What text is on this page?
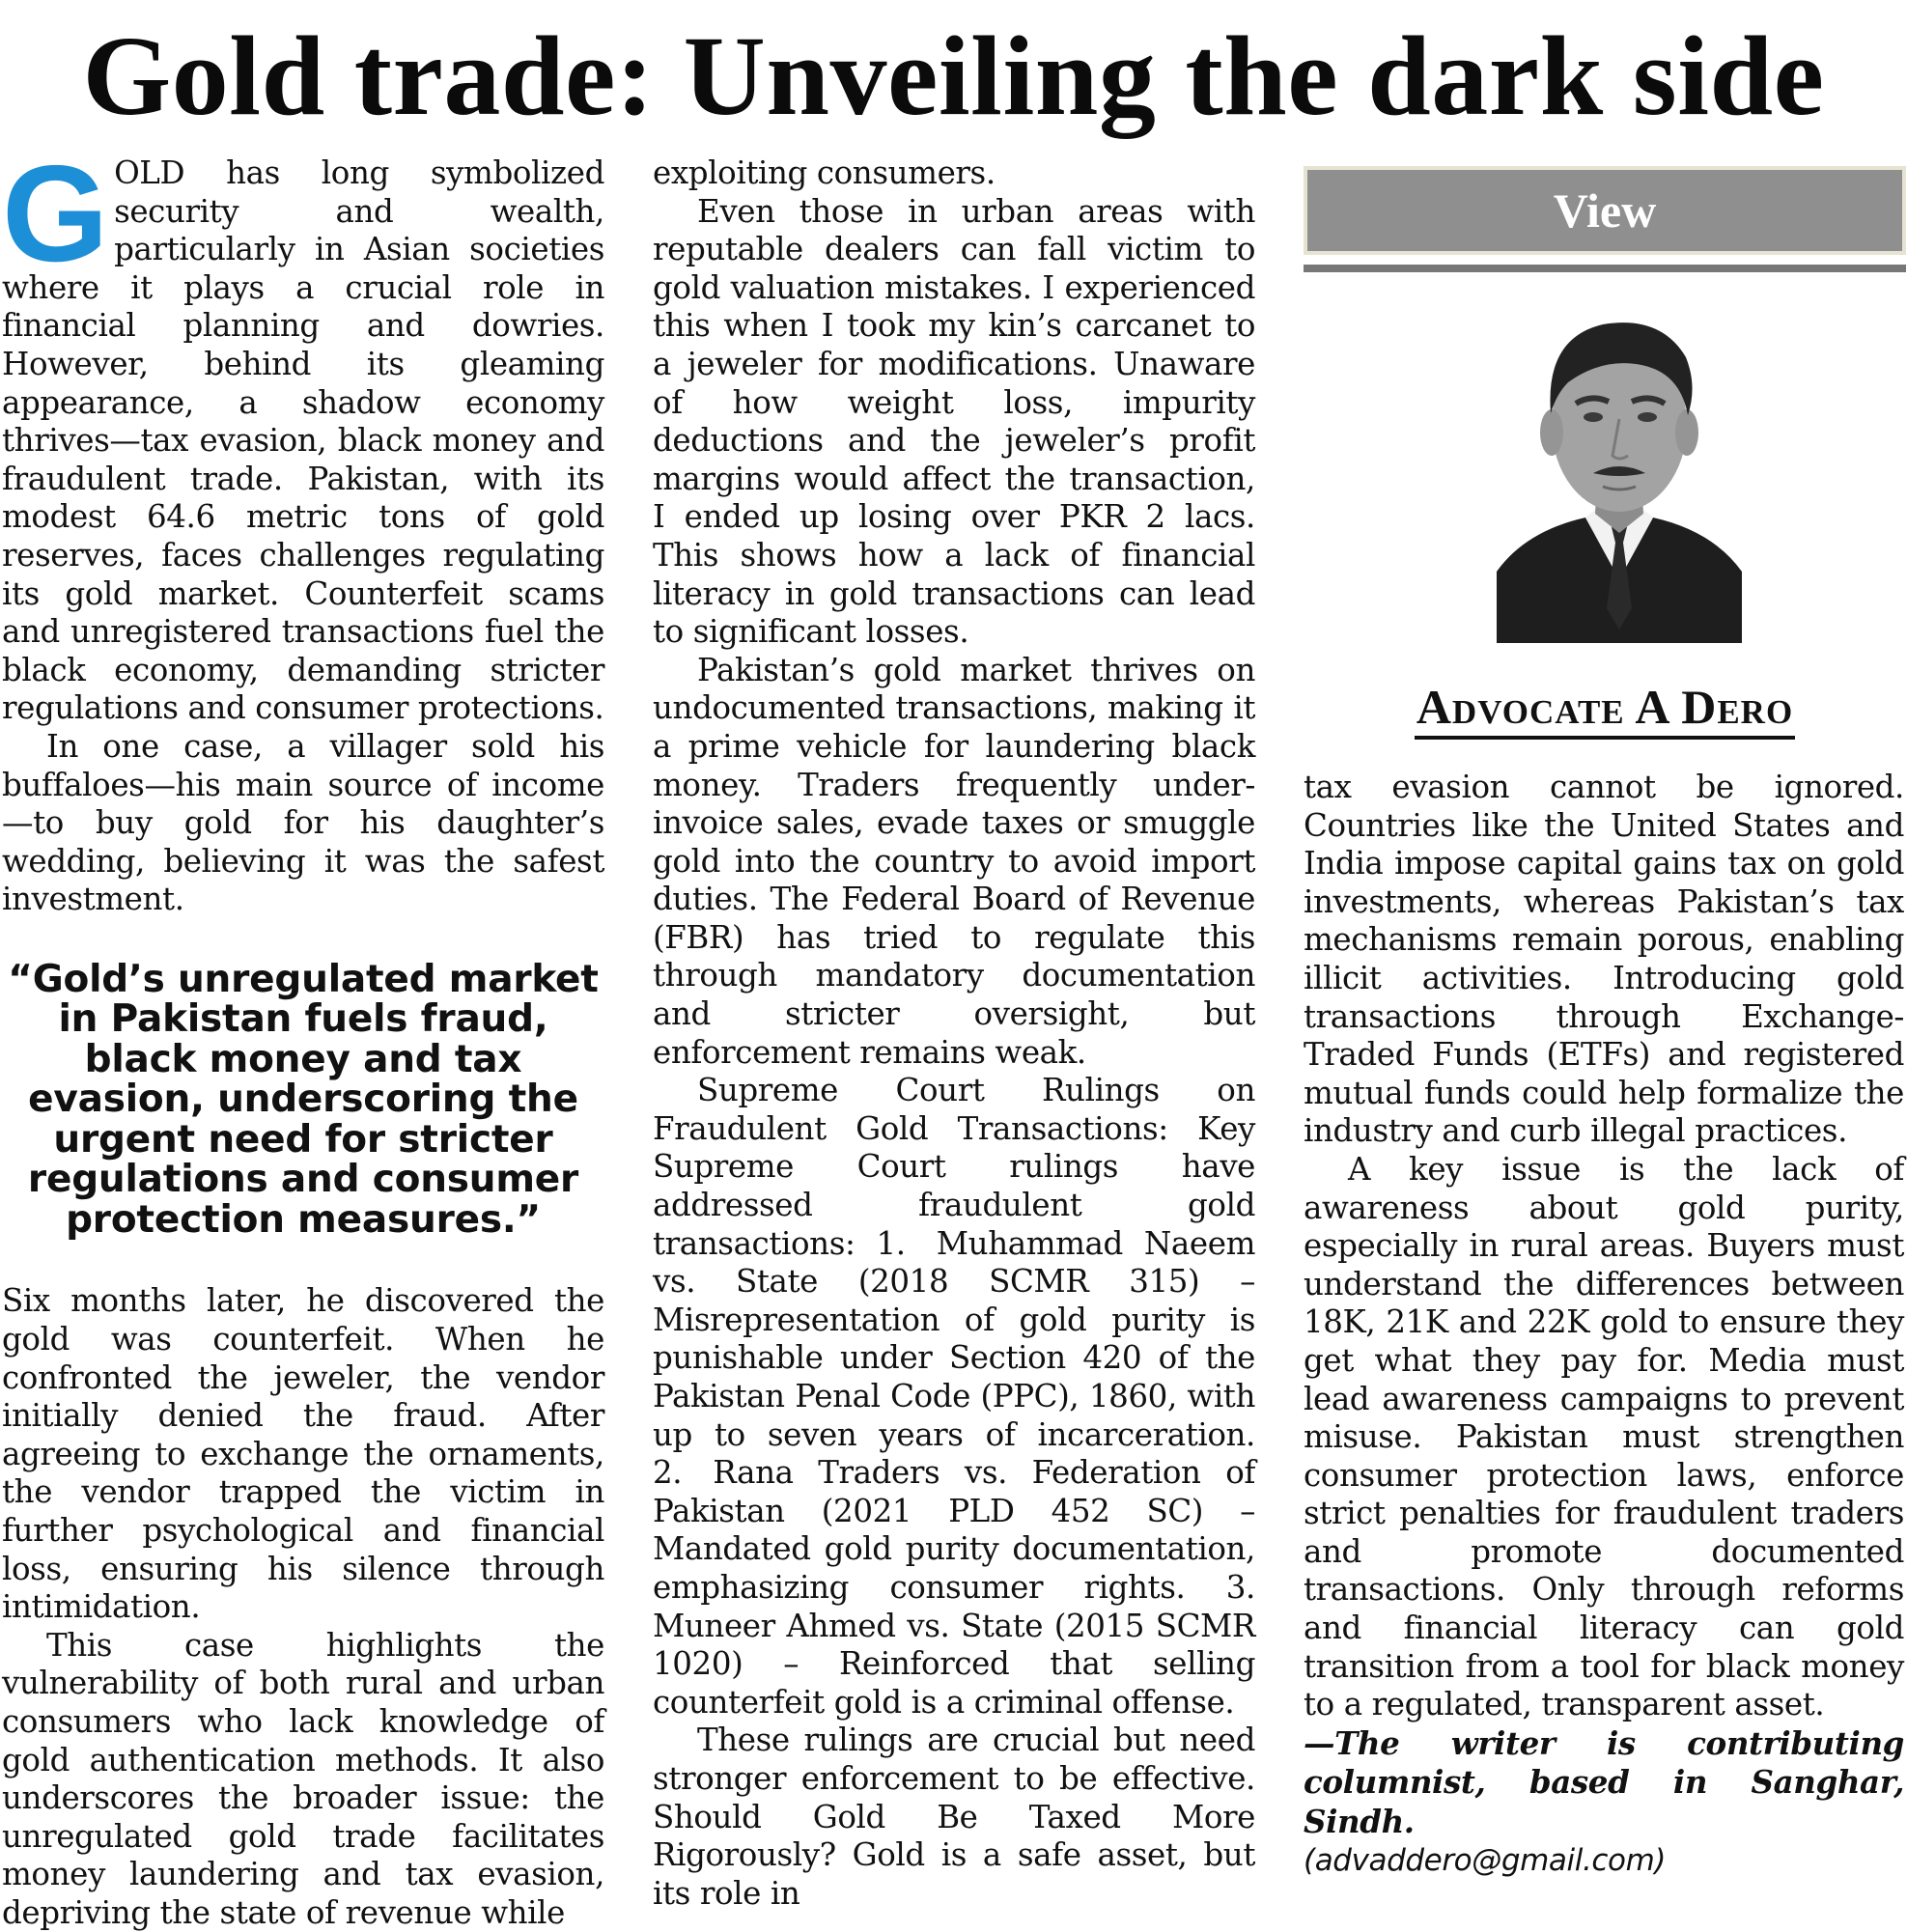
Gold trade: Unveiling the dark side

GOLD has long symbolized security and wealth, particularly in Asian societies where it plays a crucial role in financial planning and dowries. However, behind its gleaming appearance, a shadow economy thrives—tax evasion, black money and fraudulent trade. Pakistan, with its modest 64.6 metric tons of gold reserves, faces challenges regulating its gold market. Counterfeit scams and unregistered transactions fuel the black economy, demanding stricter regulations and consumer protections.

In one case, a villager sold his buffaloes—his main source of income—to buy gold for his daughter’s wedding, believing it was the safest investment.

“Gold’s unregulated market in Pakistan fuels fraud, black money and tax evasion, underscoring the urgent need for stricter regulations and consumer protection measures.”

Six months later, he discovered the gold was counterfeit. When he confronted the jeweler, the vendor initially denied the fraud. After agreeing to exchange the ornaments, the vendor trapped the victim in further psychological and financial loss, ensuring his silence through intimidation.

This case highlights the vulnerability of both rural and urban consumers who lack knowledge of gold authentication methods. It also underscores the broader issue: the unregulated gold trade facilitates money laundering and tax evasion, depriving the state of revenue while

exploiting consumers.

Even those in urban areas with reputable dealers can fall victim to gold valuation mistakes. I experienced this when I took my kin’s carcanet to a jeweler for modifications. Unaware of how weight loss, impurity deductions and the jeweler’s profit margins would affect the transaction, I ended up losing over PKR 2 lacs. This shows how a lack of financial literacy in gold transactions can lead to significant losses.

Pakistan’s gold market thrives on undocumented transactions, making it a prime vehicle for laundering black money. Traders frequently under-invoice sales, evade taxes or smuggle gold into the country to avoid import duties. The Federal Board of Revenue (FBR) has tried to regulate this through mandatory documentation and stricter oversight, but enforcement remains weak.

Supreme Court Rulings on Fraudulent Gold Transactions: Key Supreme Court rulings have addressed fraudulent gold transactions: 1. Muhammad Naeem vs. State (2018 SCMR 315) – Misrepresentation of gold purity is punishable under Section 420 of the Pakistan Penal Code (PPC), 1860, with up to seven years of incarceration. 2. Rana Traders vs. Federation of Pakistan (2021 PLD 452 SC) – Mandated gold purity documentation, emphasizing consumer rights. 3. Muneer Ahmed vs. State (2015 SCMR 1020) – Reinforced that selling counterfeit gold is a criminal offense.

These rulings are crucial but need stronger enforcement to be effective. Should Gold Be Taxed More Rigorously? Gold is a safe asset, but its role in

View
Advocate A Dero

tax evasion cannot be ignored. Countries like the United States and India impose capital gains tax on gold investments, whereas Pakistan’s tax mechanisms remain porous, enabling illicit activities. Introducing gold transactions through Exchange-Traded Funds (ETFs) and registered mutual funds could help formalize the industry and curb illegal practices.

A key issue is the lack of awareness about gold purity, especially in rural areas. Buyers must understand the differences between 18K, 21K and 22K gold to ensure they get what they pay for. Media must lead awareness campaigns to prevent misuse. Pakistan must strengthen consumer protection laws, enforce strict penalties for fraudulent traders and promote documented transactions. Only through reforms and financial literacy can gold transition from a tool for black money to a regulated, transparent asset.

—The writer is contributing columnist, based in Sanghar, Sindh.

(advaddero@gmail.com)
